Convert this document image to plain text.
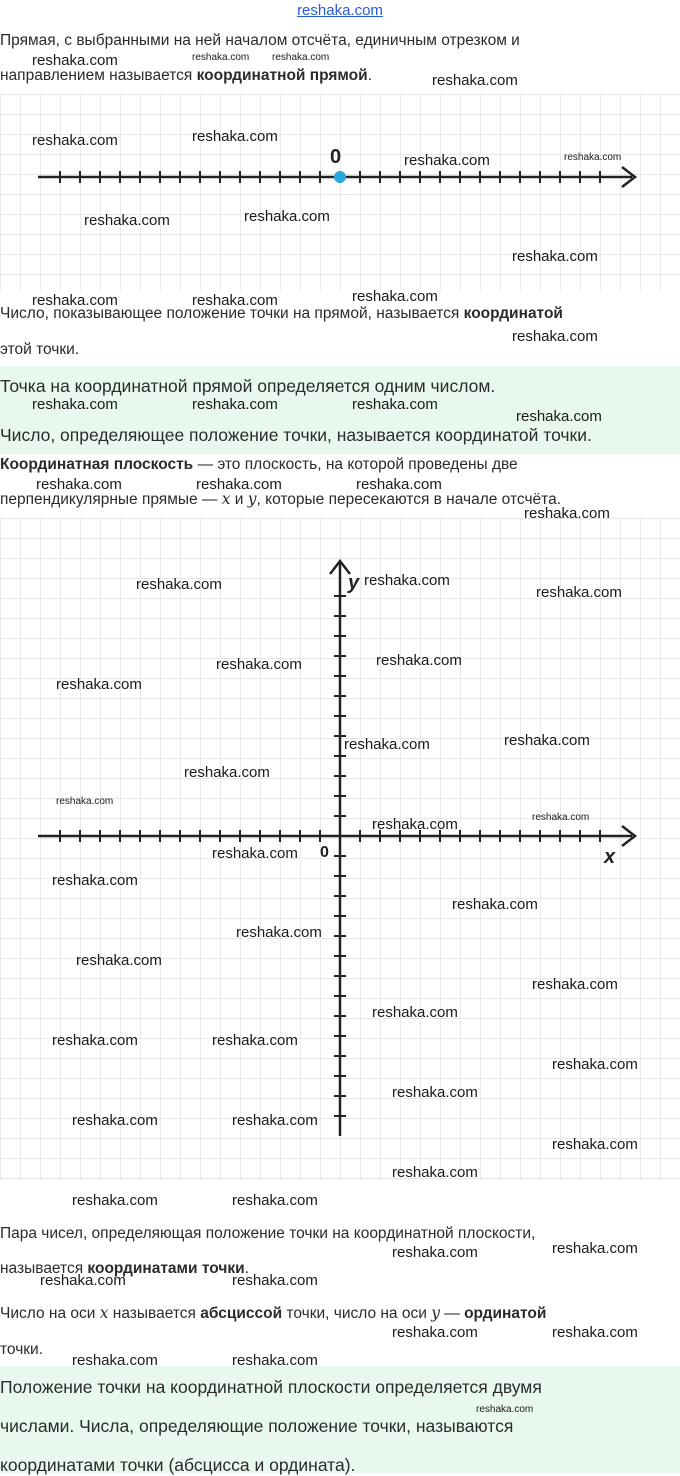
reshaka.com
Прямая, с выбранными на ней началом отсчёта, единичным отрезком и
направлением называется координатной прямой.
0
Число, показывающее положение точки на прямой, называется координатой
этой точки.
Точка на координатной прямой определяется одним числом.
Число, определяющее положение точки, называется координатой точки.
Координатная плоскость — это плоскость, на которой проведены две
перпендикулярные прямые — x и y, которые пересекаются в начале отсчёта.
y
x
0
Пара чисел, определяющая положение точки на координатной плоскости,
называется координатами точки.
Число на оси x называется абсциссой точки, число на оси y — ординатой
точки.
Положение точки на координатной плоскости определяется двумя
числами. Числа, определяющие положение точки, называются
координатами точки (абсцисса и ордината).
reshaka.com	reshaka.com reshaka.com
reshaka.com
reshaka.com	reshaka.com
reshaka.com
reshaka.com
reshaka.com	reshaka.com
reshaka.com
reshaka.com	reshaka.com	reshaka.com
reshaka.com
reshaka.com	reshaka.com	reshaka.com
reshaka.com
reshaka.com	reshaka.com	reshaka.com
reshaka.com
reshaka.com	reshaka.com
reshaka.com
reshaka.com	reshaka.com
reshaka.com
reshaka.com	reshaka.com
reshaka.com
reshaka.com
reshaka.com	reshaka.com
reshaka.com
reshaka.com
reshaka.com
reshaka.com
reshaka.com
reshaka.com
reshaka.com	reshaka.com
reshaka.com
reshaka.com
reshaka.com
reshaka.com	reshaka.com
reshaka.com
reshaka.com
reshaka.com	reshaka.com
reshaka.com	reshaka.com
reshaka.com	reshaka.com
reshaka.com	reshaka.com
reshaka.com	reshaka.com
reshaka.com
